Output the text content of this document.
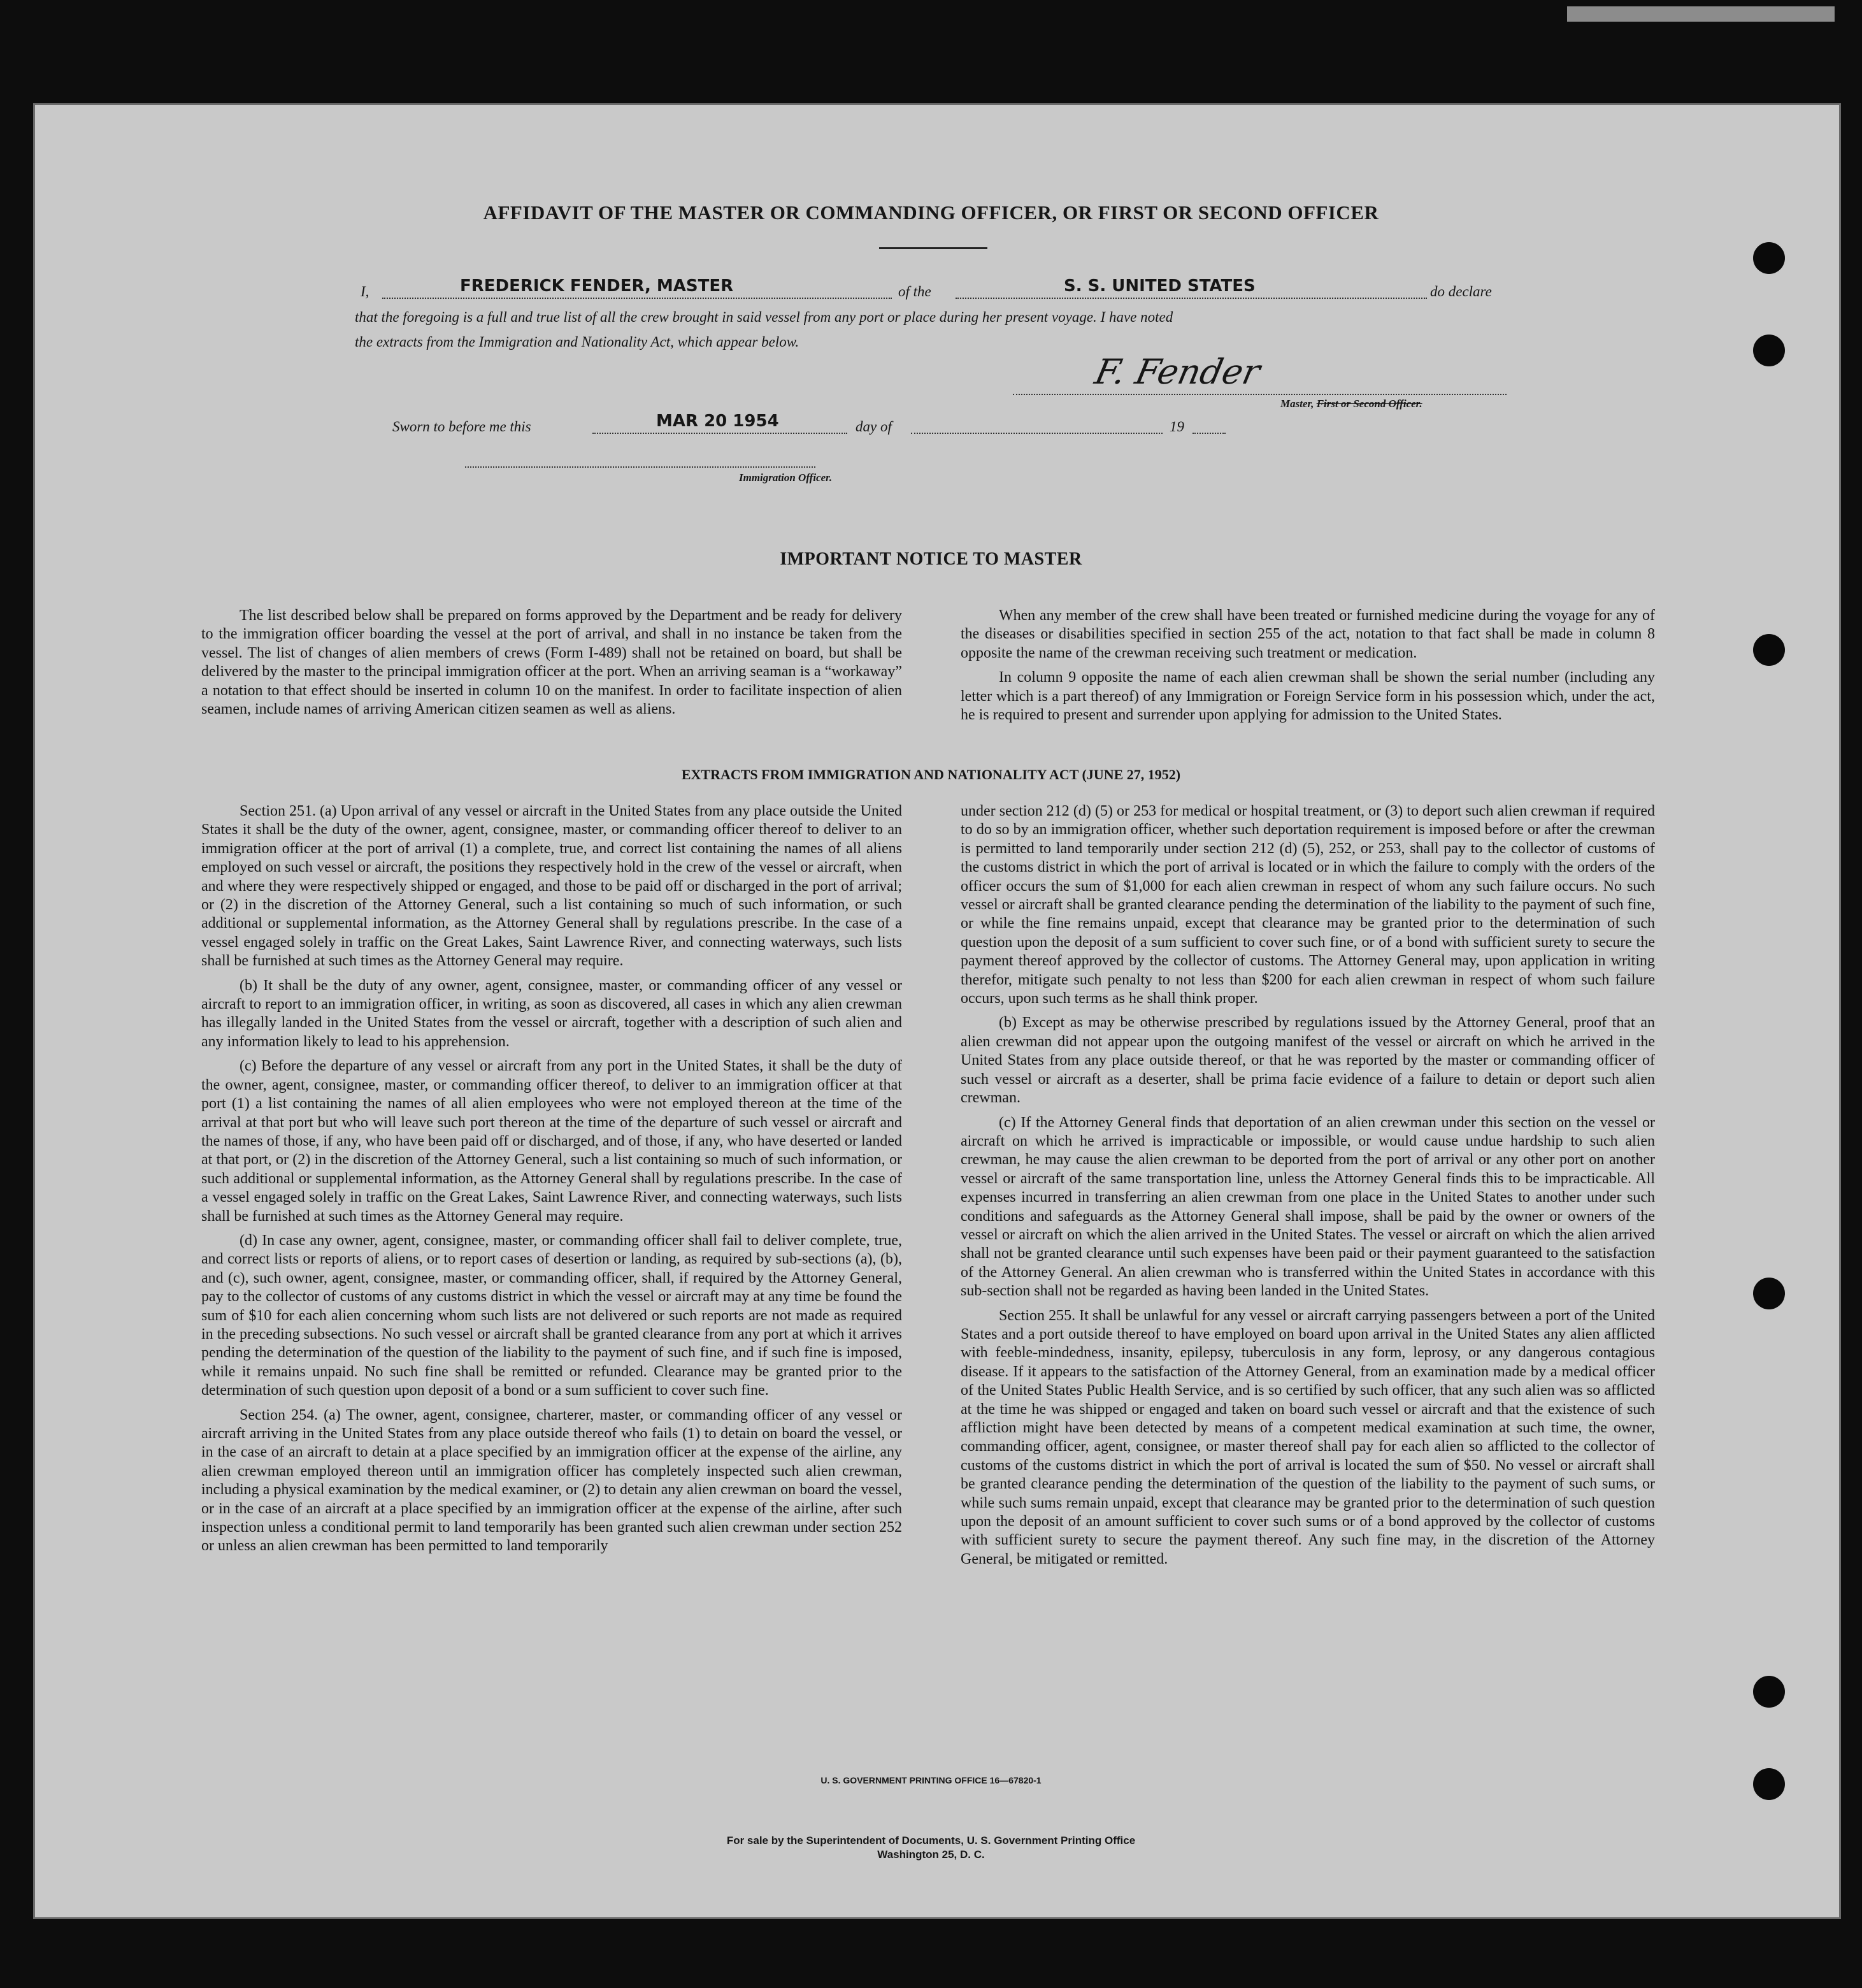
AFFIDAVIT OF THE MASTER OR COMMANDING OFFICER, OR FIRST OR SECOND OFFICER
I,	FREDERICK FENDER, MASTER	of the	S. S. UNITED STATES	do declare
that the foregoing is a full and true list of all the crew brought in said vessel from any port or place during her present voyage. I have noted
the extracts from the Immigration and Nationality Act, which appear below.
F. Fender
Master, First or Second Officer.
Sworn to before me this	MAR 20 1954	day of	19
Immigration Officer.
IMPORTANT NOTICE TO MASTER

The list described below shall be prepared on forms approved by the Department and be ready for delivery to the immigration officer boarding the vessel at the port of arrival, and shall in no instance be taken from the vessel. The list of changes of alien members of crews (Form I-489) shall not be retained on board, but shall be delivered by the master to the principal immigration officer at the port. When an arriving seaman is a “workaway” a notation to that effect should be inserted in column 10 on the manifest. In order to facilitate inspection of alien seamen, include names of arriving American citizen seamen as well as aliens.

When any member of the crew shall have been treated or furnished medicine during the voyage for any of the diseases or disabilities specified in section 255 of the act, notation to that fact shall be made in column 8 opposite the name of the crewman receiving such treatment or medication.

In column 9 opposite the name of each alien crewman shall be shown the serial number (including any letter which is a part thereof) of any Immigration or Foreign Service form in his possession which, under the act, he is required to present and surrender upon applying for admission to the United States.

EXTRACTS FROM IMMIGRATION AND NATIONALITY ACT (JUNE 27, 1952)

Section 251. (a) Upon arrival of any vessel or aircraft in the United States from any place outside the United States it shall be the duty of the owner, agent, consignee, master, or commanding officer thereof to deliver to an immigration officer at the port of arrival (1) a complete, true, and correct list containing the names of all aliens employed on such vessel or aircraft, the positions they respectively hold in the crew of the vessel or aircraft, when and where they were respectively shipped or engaged, and those to be paid off or discharged in the port of arrival; or (2) in the discretion of the Attorney General, such a list containing so much of such information, or such additional or supplemental information, as the Attorney General shall by regulations prescribe. In the case of a vessel engaged solely in traffic on the Great Lakes, Saint Lawrence River, and connecting waterways, such lists shall be furnished at such times as the Attorney General may require.

(b) It shall be the duty of any owner, agent, consignee, master, or commanding officer of any vessel or aircraft to report to an immigration officer, in writing, as soon as discovered, all cases in which any alien crewman has illegally landed in the United States from the vessel or aircraft, together with a description of such alien and any information likely to lead to his apprehension.

(c) Before the departure of any vessel or aircraft from any port in the United States, it shall be the duty of the owner, agent, consignee, master, or commanding officer thereof, to deliver to an immigration officer at that port (1) a list containing the names of all alien employees who were not employed thereon at the time of the arrival at that port but who will leave such port thereon at the time of the departure of such vessel or aircraft and the names of those, if any, who have been paid off or discharged, and of those, if any, who have deserted or landed at that port, or (2) in the discretion of the Attorney General, such a list containing so much of such information, or such additional or supplemental information, as the Attorney General shall by regulations prescribe. In the case of a vessel engaged solely in traffic on the Great Lakes, Saint Lawrence River, and connecting waterways, such lists shall be furnished at such times as the Attorney General may require.

(d) In case any owner, agent, consignee, master, or commanding officer shall fail to deliver complete, true, and correct lists or reports of aliens, or to report cases of desertion or landing, as required by sub-sections (a), (b), and (c), such owner, agent, consignee, master, or commanding officer, shall, if required by the Attorney General, pay to the collector of customs of any customs district in which the vessel or aircraft may at any time be found the sum of $10 for each alien concerning whom such lists are not delivered or such reports are not made as required in the preceding subsections. No such vessel or aircraft shall be granted clearance from any port at which it arrives pending the determination of the question of the liability to the payment of such fine, and if such fine is imposed, while it remains unpaid. No such fine shall be remitted or refunded. Clearance may be granted prior to the determination of such question upon deposit of a bond or a sum sufficient to cover such fine.

Section 254. (a) The owner, agent, consignee, charterer, master, or commanding officer of any vessel or aircraft arriving in the United States from any place outside thereof who fails (1) to detain on board the vessel, or in the case of an aircraft to detain at a place specified by an immigration officer at the expense of the airline, any alien crewman employed thereon until an immigration officer has completely inspected such alien crewman, including a physical examination by the medical examiner, or (2) to detain any alien crewman on board the vessel, or in the case of an aircraft at a place specified by an immigration officer at the expense of the airline, after such inspection unless a conditional permit to land temporarily has been granted such alien crewman under section 252 or unless an alien crewman has been permitted to land temporarily

under section 212 (d) (5) or 253 for medical or hospital treatment, or (3) to deport such alien crewman if required to do so by an immigration officer, whether such deportation requirement is imposed before or after the crewman is permitted to land temporarily under section 212 (d) (5), 252, or 253, shall pay to the collector of customs of the customs district in which the port of arrival is located or in which the failure to comply with the orders of the officer occurs the sum of $1,000 for each alien crewman in respect of whom any such failure occurs. No such vessel or aircraft shall be granted clearance pending the determination of the liability to the payment of such fine, or while the fine remains unpaid, except that clearance may be granted prior to the determination of such question upon the deposit of a sum sufficient to cover such fine, or of a bond with sufficient surety to secure the payment thereof approved by the collector of customs. The Attorney General may, upon application in writing therefor, mitigate such penalty to not less than $200 for each alien crewman in respect of whom such failure occurs, upon such terms as he shall think proper.

(b) Except as may be otherwise prescribed by regulations issued by the Attorney General, proof that an alien crewman did not appear upon the outgoing manifest of the vessel or aircraft on which he arrived in the United States from any place outside thereof, or that he was reported by the master or commanding officer of such vessel or aircraft as a deserter, shall be prima facie evidence of a failure to detain or deport such alien crewman.

(c) If the Attorney General finds that deportation of an alien crewman under this section on the vessel or aircraft on which he arrived is impracticable or impossible, or would cause undue hardship to such alien crewman, he may cause the alien crewman to be deported from the port of arrival or any other port on another vessel or aircraft of the same transportation line, unless the Attorney General finds this to be impracticable. All expenses incurred in transferring an alien crewman from one place in the United States to another under such conditions and safeguards as the Attorney General shall impose, shall be paid by the owner or owners of the vessel or aircraft on which the alien arrived in the United States. The vessel or aircraft on which the alien arrived shall not be granted clearance until such expenses have been paid or their payment guaranteed to the satisfaction of the Attorney General. An alien crewman who is transferred within the United States in accordance with this sub-section shall not be regarded as having been landed in the United States.

Section 255. It shall be unlawful for any vessel or aircraft carrying passengers between a port of the United States and a port outside thereof to have employed on board upon arrival in the United States any alien afflicted with feeble-mindedness, insanity, epilepsy, tuberculosis in any form, leprosy, or any dangerous contagious disease. If it appears to the satisfaction of the Attorney General, from an examination made by a medical officer of the United States Public Health Service, and is so certified by such officer, that any such alien was so afflicted at the time he was shipped or engaged and taken on board such vessel or aircraft and that the existence of such affliction might have been detected by means of a competent medical examination at such time, the owner, commanding officer, agent, consignee, or master thereof shall pay for each alien so afflicted to the collector of customs of the customs district in which the port of arrival is located the sum of $50. No vessel or aircraft shall be granted clearance pending the determination of the question of the liability to the payment of such sums, or while such sums remain unpaid, except that clearance may be granted prior to the determination of such question upon the deposit of an amount sufficient to cover such sums or of a bond approved by the collector of customs with sufficient surety to secure the payment thereof. Any such fine may, in the discretion of the Attorney General, be mitigated or remitted.

U. S. GOVERNMENT PRINTING OFFICE 16—67820-1
For sale by the Superintendent of Documents, U. S. Government Printing Office
Washington 25, D. C.
